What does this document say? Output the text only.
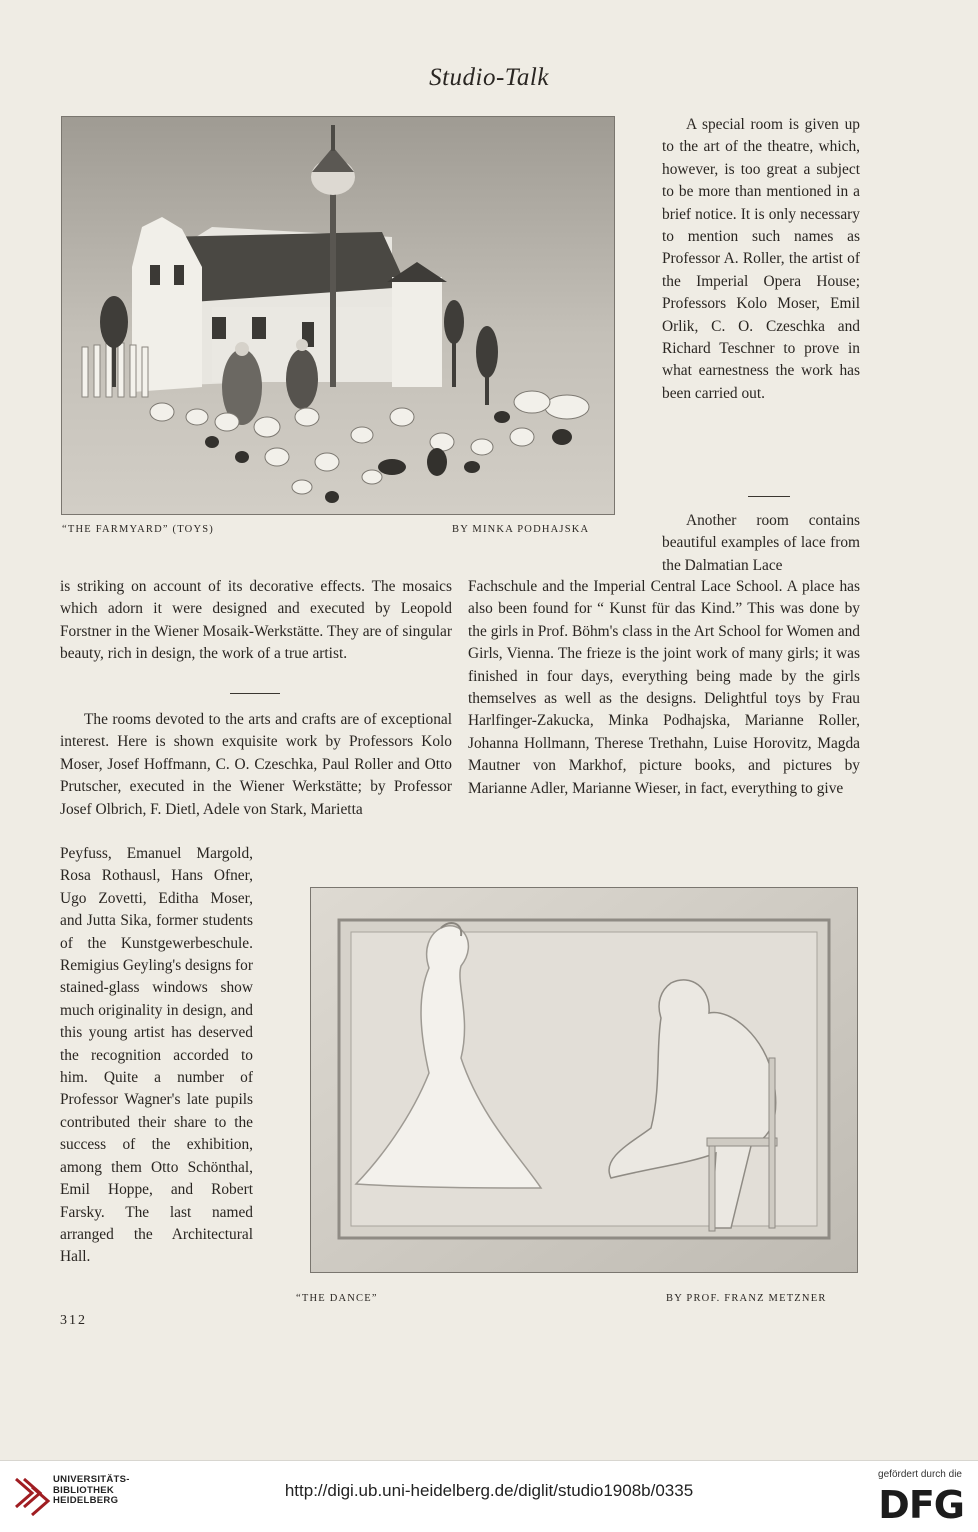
Studio-Talk
“THE FARMYARD” (TOYS)	BY MINKA PODHAJSKA

A special room is given up to the art of the theatre, which, however, is too great a subject to be more than mentioned in a brief notice. It is only necessary to mention such names as Professor A. Roller, the artist of the Imperial Opera House; Professors Kolo Moser, Emil Orlik, C. O. Czeschka and Richard Teschner to prove in what earnestness the work has been carried out.

Another room contains beautiful examples of lace from the Dalmatian Lace

is striking on account of its decorative effects. The mosaics which adorn it were designed and executed by Leopold Forstner in the Wiener Mosaik-Werkstätte. They are of singular beauty, rich in design, the work of a true artist.

The rooms devoted to the arts and crafts are of exceptional interest. Here is shown exquisite work by Professors Kolo Moser, Josef Hoffmann, C. O. Czeschka, Paul Roller and Otto Prutscher, executed in the Wiener Werkstätte; by Professor Josef Olbrich, F. Dietl, Adele von Stark, Marietta

Peyfuss, Emanuel Margold, Rosa Rothausl, Hans Ofner, Ugo Zovetti, Editha Moser, and Jutta Sika, former students of the Kunstgewerbeschule. Remigius Geyling's designs for stained-glass windows show much originality in design, and this young artist has deserved the recognition accorded to him. Quite a number of Professor Wagner's late pupils contributed their share to the success of the exhibition, among them Otto Schönthal, Emil Hoppe, and Robert Farsky. The last named arranged the Architectural Hall.

Fachschule and the Imperial Central Lace School. A place has also been found for “ Kunst für das Kind.” This was done by the girls in Prof. Böhm's class in the Art School for Women and Girls, Vienna. The frieze is the joint work of many girls; it was finished in four days, everything being made by the girls themselves as well as the designs. Delightful toys by Frau Harlfinger-Zakucka, Minka Podhajska, Marianne Roller, Johanna Hollmann, Therese Trethahn, Luise Horovitz, Magda Mautner von Markhof, picture books, and pictures by Marianne Adler, Marianne Wieser, in fact, everything to give

“THE DANCE”	BY PROF. FRANZ METZNER
312
UNIVERSITÄTS-
BIBLIOTHEK
HEIDELBERG
http://digi.ub.uni-heidelberg.de/diglit/studio1908b/0335
gefördert durch die
DFG
